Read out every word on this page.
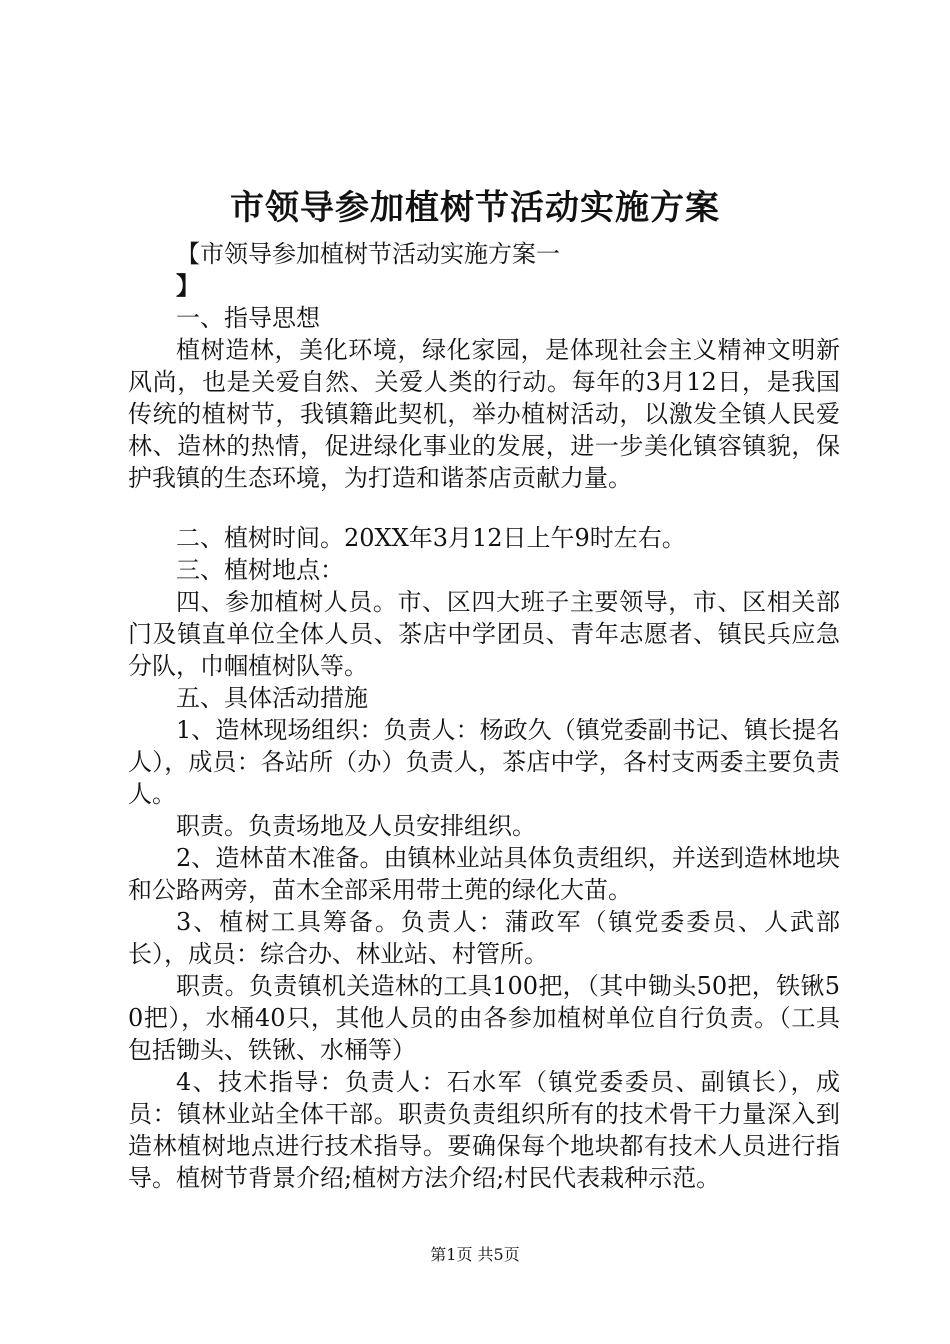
市领导参加植树节活动实施方案

【市领导参加植树节活动实施方案一

】

一、指导思想

植树造林，美化环境，绿化家园，是体现社会主义精神文明新风尚，也是关爱自然、关爱人类的行动。每年的3月12日，是我国传统的植树节，我镇籍此契机，举办植树活动，以激发全镇人民爱林、造林的热情，促进绿化事业的发展，进一步美化镇容镇貌，保护我镇的生态环境，为打造和谐茶店贡献力量。

二、植树时间。20XX年3月12日上午9时左右。

三、植树地点：

四、参加植树人员。市、区四大班子主要领导，市、区相关部门及镇直单位全体人员、茶店中学团员、青年志愿者、镇民兵应急分队，巾帼植树队等。

五、具体活动措施

1、造林现场组织：负责人：杨政久（镇党委副书记、镇长提名人），成员：各站所（办）负责人，茶店中学，各村支两委主要负责人。

职责。负责场地及人员安排组织。

2、造林苗木准备。由镇林业站具体负责组织，并送到造林地块和公路两旁，苗木全部采用带土蔸的绿化大苗。

3、植树工具筹备。负责人：蒲政军（镇党委委员、人武部长），成员：综合办、林业站、村管所。

职责。负责镇机关造林的工具100把，（其中锄头50把，铁锹50把），水桶40只，其他人员的由各参加植树单位自行负责。（工具包括锄头、铁锹、水桶等）

4、技术指导：负责人：石水军（镇党委委员、副镇长），成员：镇林业站全体干部。职责负责组织所有的技术骨干力量深入到造林植树地点进行技术指导。要确保每个地块都有技术人员进行指导。植树节背景介绍;植树方法介绍;村民代表栽种示范。

第1页 共5页
